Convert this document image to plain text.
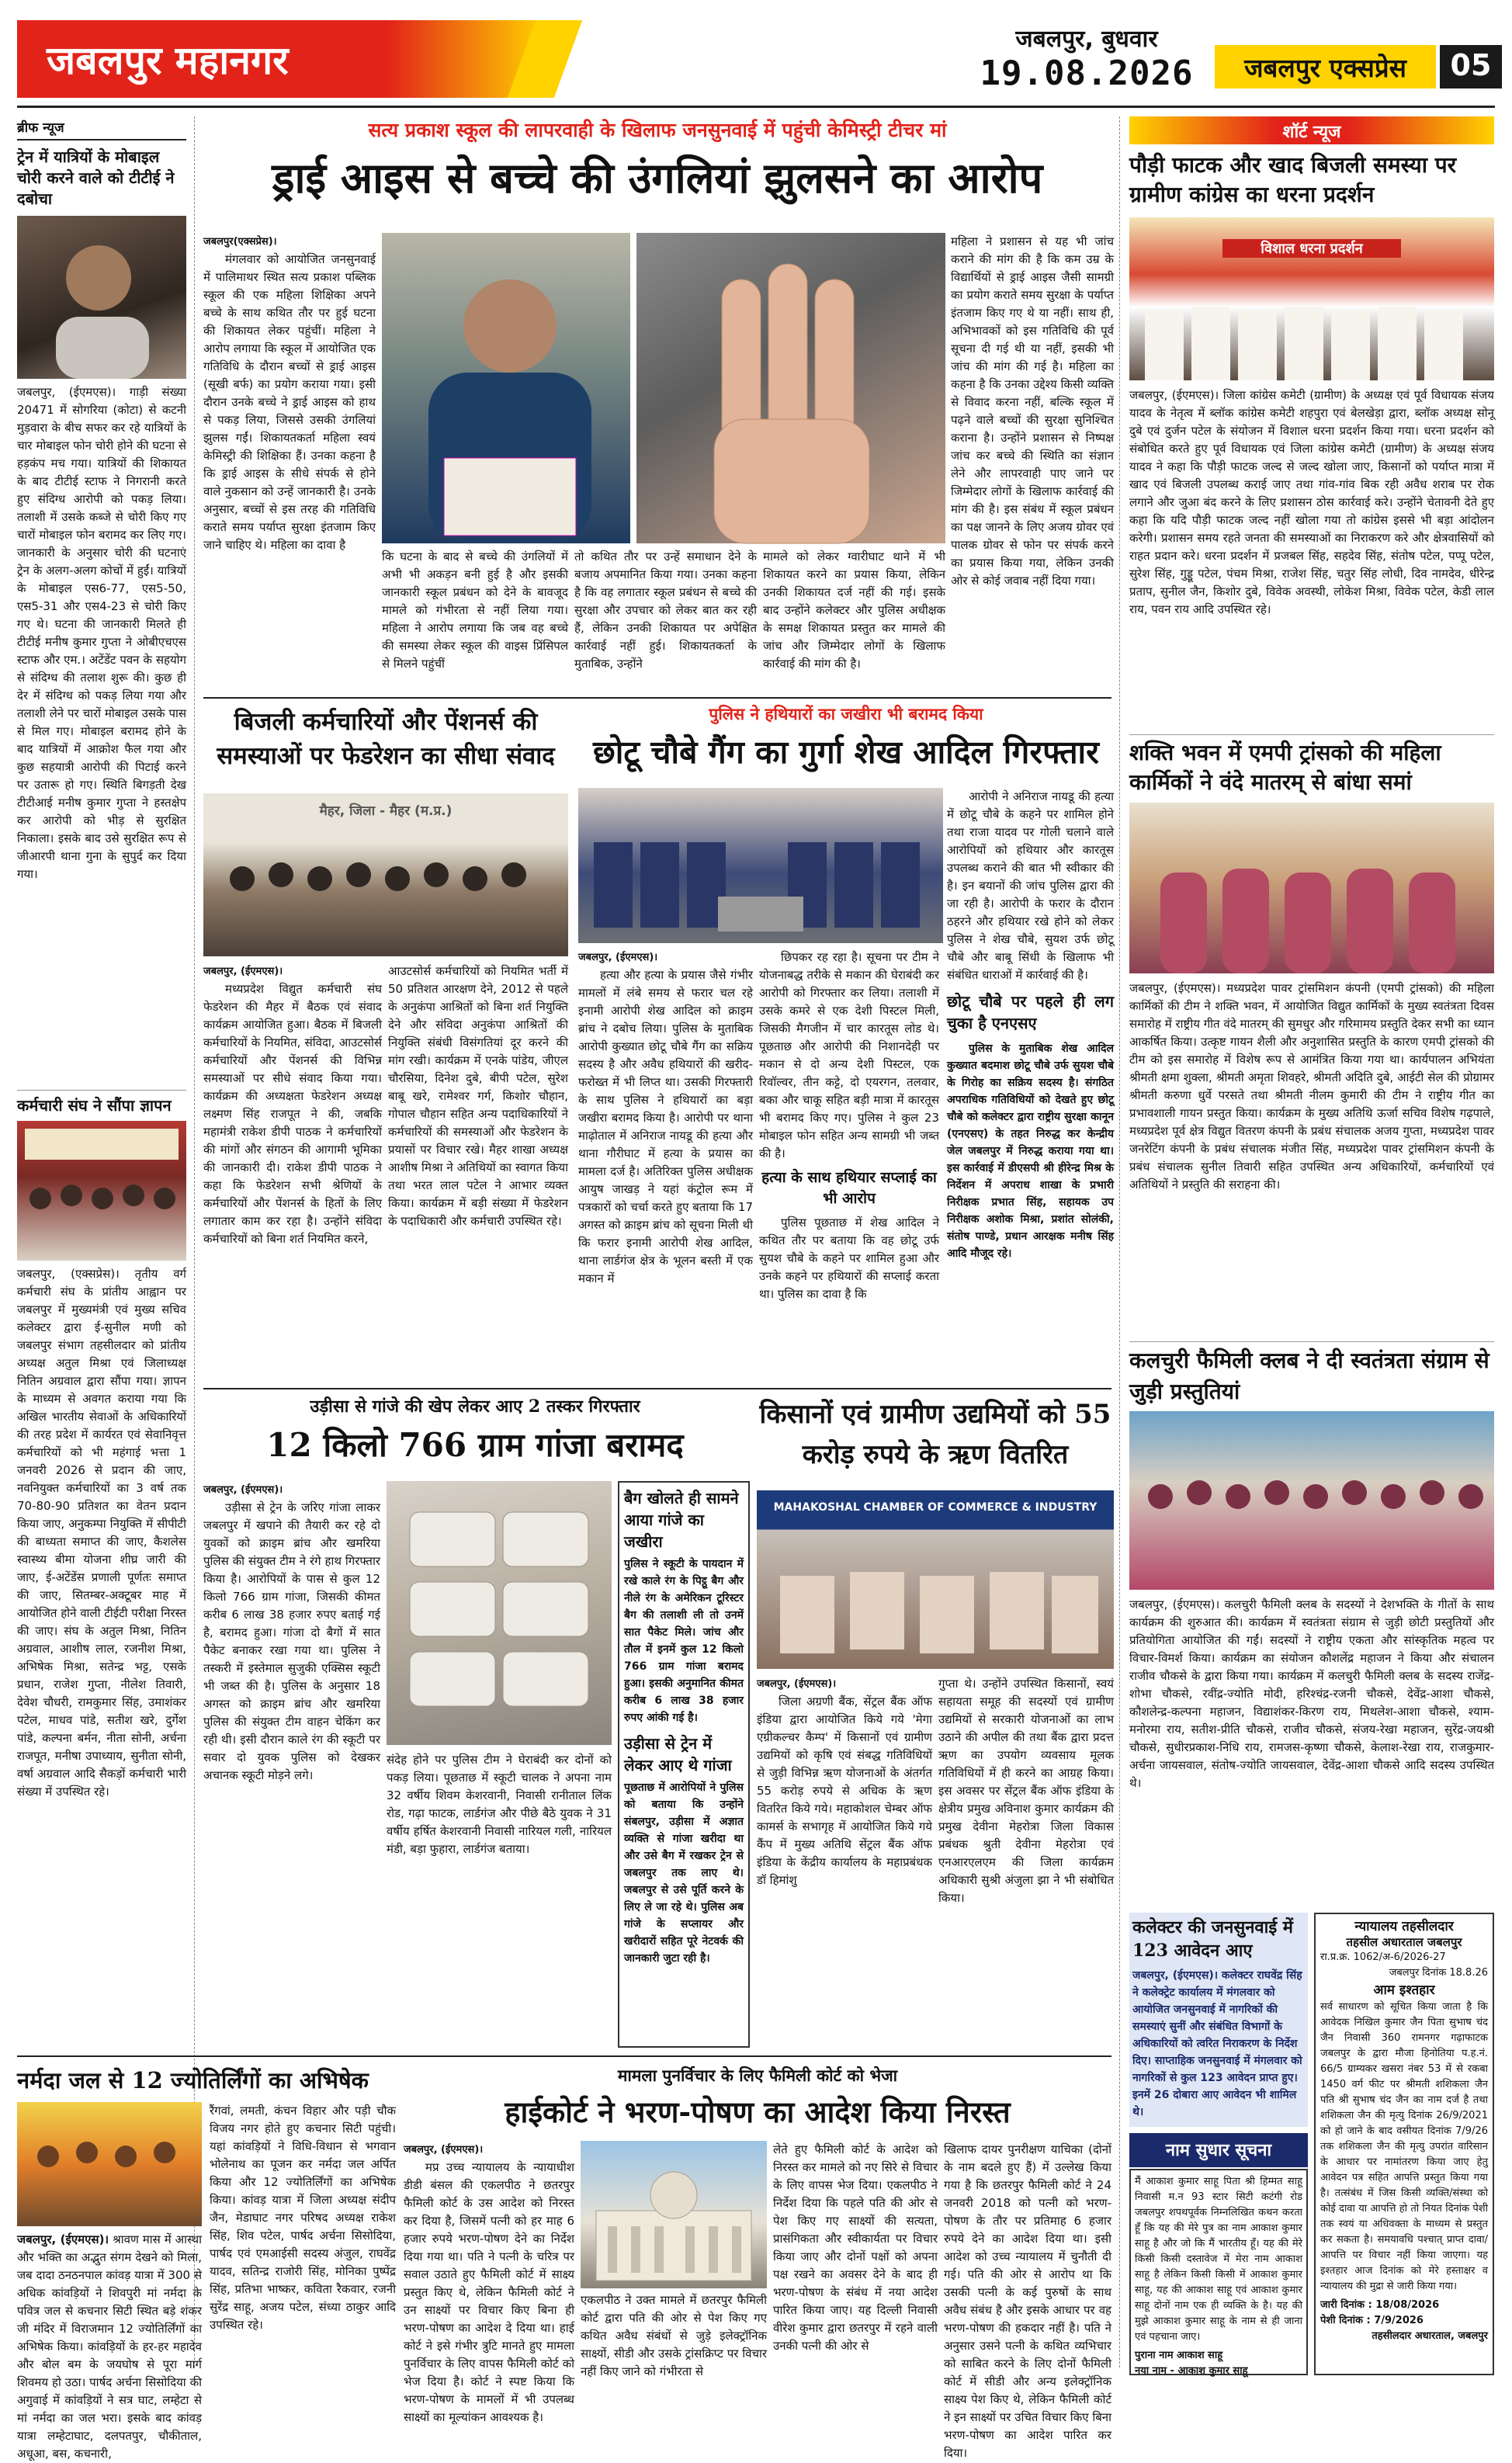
जबलपुर महानगर	जबलपुर, बुधवार
19.08.2026	जबलपुर एक्सप्रेस	05
ब्रीफ न्यूज
ट्रेन में यात्रियों के मोबाइल चोरी करने वाले को टीटीई ने दबोचा
जबलपुर, (ईएमएस)। गाड़ी संख्या 20471 में सोगरिया (कोटा) से कटनी मुड़वारा के बीच सफर कर रहे यात्रियों के चार मोबाइल फोन चोरी होने की घटना से हड़कंप मच गया। यात्रियों की शिकायत के बाद टीटीई स्टाफ ने निगरानी करते हुए संदिग्ध आरोपी को पकड़ लिया। तलाशी में उसके कब्जे से चोरी किए गए चारों मोबाइल फोन बरामद कर लिए गए। जानकारी के अनुसार चोरी की घटनाएं ट्रेन के अलग-अलग कोचों में हुईं। यात्रियों के मोबाइल एस6-77, एस5-50, एस5-31 और एस4-23 से चोरी किए गए थे। घटना की जानकारी मिलते ही टीटीई मनीष कुमार गुप्ता ने ओबीएचएस स्टाफ और एम.। अटेंडेंट पवन के सहयोग से संदिग्ध की तलाश शुरू की। कुछ ही देर में संदिग्ध को पकड़ लिया गया और तलाशी लेने पर चारों मोबाइल उसके पास से मिल गए। मोबाइल बरामद होने के बाद यात्रियों में आक्रोश फैल गया और कुछ सहयात्री आरोपी की पिटाई करने पर उतारू हो गए। स्थिति बिगड़ती देख टीटीआई मनीष कुमार गुप्ता ने हस्तक्षेप कर आरोपी को भीड़ से सुरक्षित निकाला। इसके बाद उसे सुरक्षित रूप से जीआरपी थाना गुना के सुपुर्द कर दिया गया।
कर्मचारी संघ ने सौंपा ज्ञापन
जबलपुर, (एक्सप्रेस)। तृतीय वर्ग कर्मचारी संघ के प्रांतीय आह्वान पर जबलपुर में मुख्यमंत्री एवं मुख्य सचिव कलेक्टर द्वारा ई-सुनील मणी को जबलपुर संभाग तहसीलदार को प्रांतीय अध्यक्ष अतुल मिश्रा एवं जिलाध्यक्ष नितिन अग्रवाल द्वारा सौंपा गया। ज्ञापन के माध्यम से अवगत कराया गया कि अखिल भारतीय सेवाओं के अधिकारियों की तरह प्रदेश में कार्यरत एवं सेवानिवृत्त कर्मचारियों को भी महंगाई भत्ता 1 जनवरी 2026 से प्रदान की जाए, नवनियुक्त कर्मचारियों का 3 वर्ष तक 70-80-90 प्रतिशत का वेतन प्रदान किया जाए, अनुकम्पा नियुक्ति में सीपीटी की बाध्यता समाप्त की जाए, कैशलेस स्वास्थ्य बीमा योजना शीघ्र जारी की जाए, ई-अटेंडेंस प्रणाली पूर्णतः समाप्त की जाए, सितम्बर-अक्टूबर माह में आयोजित होने वाली टीईटी परीक्षा निरस्त की जाए। संघ के अतुल मिश्रा, नितिन अग्रवाल, आशीष लाल, रजनीश मिश्रा, अभिषेक मिश्रा, सतेन्द्र भट्ट, एसके प्रधान, राजेश गुप्ता, नीलेश तिवारी, देवेश चौधरी, रामकुमार सिंह, उमाशंकर पटेल, माधव पांडे, सतीश खरे, दुर्गेश पांडे, कल्पना बर्मन, नीता सोनी, अर्चना राजपूत, मनीषा उपाध्याय, सुनीता सोनी, वर्षा अग्रवाल आदि सैकड़ों कर्मचारी भारी संख्या में उपस्थित रहे।
सत्य प्रकाश स्कूल की लापरवाही के खिलाफ जनसुनवाई में पहुंची केमिस्ट्री टीचर मां
ड्राई आइस से बच्चे की उंगलियां झुलसने का आरोप
जबलपुर(एक्सप्रेस)।

मंगलवार को आयोजित जनसुनवाई में पालिमाथर स्थित सत्य प्रकाश पब्लिक स्कूल की एक महिला शिक्षिका अपने बच्चे के साथ कथित तौर पर हुई घटना की शिकायत लेकर पहुंचीं। महिला ने आरोप लगाया कि स्कूल में आयोजित एक गतिविधि के दौरान बच्चों से ड्राई आइस (सूखी बर्फ) का प्रयोग कराया गया। इसी दौरान उनके बच्चे ने ड्राई आइस को हाथ से पकड़ लिया, जिससे उसकी उंगलियां झुलस गईं। शिकायतकर्ता महिला स्वयं केमिस्ट्री की शिक्षिका हैं। उनका कहना है कि ड्राई आइस के सीधे संपर्क से होने वाले नुकसान को उन्हें जानकारी है। उनके अनुसार, बच्चों से इस तरह की गतिविधि कराते समय पर्याप्त सुरक्षा इंतजाम किए जाने चाहिए थे। महिला का दावा है

महिला ने प्रशासन से यह भी जांच कराने की मांग की है कि कम उम्र के विद्यार्थियों से ड्राई आइस जैसी सामग्री का प्रयोग कराते समय सुरक्षा के पर्याप्त इंतजाम किए गए थे या नहीं। साथ ही, अभिभावकों को इस गतिविधि की पूर्व सूचना दी गई थी या नहीं, इसकी भी जांच की मांग की गई है। महिला का कहना है कि उनका उद्देश्य किसी व्यक्ति से विवाद करना नहीं, बल्कि स्कूल में पढ़ने वाले बच्चों की सुरक्षा सुनिश्चित कराना है। उन्होंने प्रशासन से निष्पक्ष जांच कर बच्चे की स्थिति का संज्ञान लेने और लापरवाही पाए जाने पर जिम्मेदार लोगों के खिलाफ कार्रवाई की मांग की है। इस संबंध में स्कूल प्रबंधन का पक्ष जानने के लिए अजय ग्रोवर एवं पालक ग्रोवर से फोन पर संपर्क करने का प्रयास किया गया, लेकिन उनकी ओर से कोई जवाब नहीं दिया गया।
कि घटना के बाद से बच्चे की उंगलियों में अभी भी अकड़न बनी हुई है और इसकी जानकारी स्कूल प्रबंधन को देने के बावजूद मामले को गंभीरता से नहीं लिया गया। महिला ने आरोप लगाया कि जब वह बच्चे की समस्या लेकर स्कूल की वाइस प्रिंसिपल से मिलने पहुंचीं
तो कथित तौर पर उन्हें समाधान देने के बजाय अपमानित किया गया। उनका कहना है कि वह लगातार स्कूल प्रबंधन से बच्चे की सुरक्षा और उपचार को लेकर बात कर रही हैं, लेकिन उनकी शिकायत पर अपेक्षित कार्रवाई नहीं हुई। शिकायतकर्ता के मुताबिक, उन्होंने
मामले को लेकर ग्वारीघाट थाने में भी शिकायत करने का प्रयास किया, लेकिन उनकी शिकायत दर्ज नहीं की गई। इसके बाद उन्होंने कलेक्टर और पुलिस अधीक्षक के समक्ष शिकायत प्रस्तुत कर मामले की जांच और जिम्मेदार लोगों के खिलाफ कार्रवाई की मांग की है।
बिजली कर्मचारियों और पेंशनर्स की समस्याओं पर फेडरेशन का सीधा संवाद
मैहर, जिला - मैहर (म.प्र.)
जबलपुर, (ईएमएस)।

मध्यप्रदेश विद्युत कर्मचारी संघ फेडरेशन की मैहर में बैठक एवं संवाद कार्यक्रम आयोजित हुआ। बैठक में बिजली कर्मचारियों के नियमित, संविदा, आउटसोर्स कर्मचारियों और पेंशनर्स की विभिन्न समस्याओं पर सीधे संवाद किया गया। कार्यक्रम की अध्यक्षता फेडरेशन अध्यक्ष लक्ष्मण सिंह राजपूत ने की, जबकि महामंत्री राकेश डीपी पाठक ने कर्मचारियों की मांगों और संगठन की आगामी भूमिका की जानकारी दी। राकेश डीपी पाठक ने कहा कि फेडरेशन सभी श्रेणियों के कर्मचारियों और पेंशनर्स के हितों के लिए लगातार काम कर रहा है। उन्होंने संविदा कर्मचारियों को बिना शर्त नियमित करने,

आउटसोर्स कर्मचारियों को नियमित भर्ती में 50 प्रतिशत आरक्षण देने, 2012 से पहले के अनुकंपा आश्रितों को बिना शर्त नियुक्ति देने और संविदा अनुकंपा आश्रितों की नियुक्ति संबंधी विसंगतियां दूर करने की मांग रखी। कार्यक्रम में एनके पांडेय, जीएल चौरसिया, दिनेश दुबे, बीपी पटेल, सुरेश बाबू खरे, रामेश्वर गर्ग, किशोर चौहान, गोपाल चौहान सहित अन्य पदाधिकारियों ने कर्मचारियों की समस्याओं और फेडरेशन के प्रयासों पर विचार रखे। मैहर शाखा अध्यक्ष आशीष मिश्रा ने अतिथियों का स्वागत किया तथा भरत लाल पटेल ने आभार व्यक्त किया। कार्यक्रम में बड़ी संख्या में फेडरेशन के पदाधिकारी और कर्मचारी उपस्थित रहे।
पुलिस ने हथियारों का जखीरा भी बरामद किया
छोटू चौबे गैंग का गुर्गा शेख आदिल गिरफ्तार
जबलपुर, (ईएमएस)।

हत्या और हत्या के प्रयास जैसे गंभीर मामलों में लंबे समय से फरार चल रहे इनामी आरोपी शेख आदिल को क्राइम ब्रांच ने दबोच लिया। पुलिस के मुताबिक आरोपी कुख्यात छोटू चौबे गैंग का सक्रिय सदस्य है और अवैध हथियारों की खरीद-फरोख्त में भी लिप्त था। उसकी गिरफ्तारी के साथ पुलिस ने हथियारों का बड़ा जखीरा बरामद किया है। आरोपी पर थाना माढ़ोताल में अनिराज नायडू की हत्या और थाना गौरीघाट में हत्या के प्रयास का मामला दर्ज है। अतिरिक्त पुलिस अधीक्षक आयुष जाखड़ ने यहां कंट्रोल रूम में पत्रकारों को चर्चा करते हुए बताया कि 17 अगस्त को क्राइम ब्रांच को सूचना मिली थी कि फरार इनामी आरोपी शेख आदिल, थाना लार्डगंज क्षेत्र के भूलन बस्ती में एक मकान में

छिपकर रह रहा है। सूचना पर टीम ने योजनाबद्ध तरीके से मकान की घेराबंदी कर आरोपी को गिरफ्तार कर लिया। तलाशी में उसके कमरे से एक देशी पिस्टल मिली, जिसकी मैगजीन में चार कारतूस लोड थे। पूछताछ और आरोपी की निशानदेही पर मकान से दो अन्य देशी पिस्टल, एक रिवॉल्वर, तीन कट्टे, दो एयरगन, तलवार, बका और चाकू सहित बड़ी मात्रा में कारतूस भी बरामद किए गए। पुलिस ने कुल 23 मोबाइल फोन सहित अन्य सामग्री भी जब्त की है।

हत्या के साथ हथियार सप्लाई का भी आरोप

पुलिस पूछताछ में शेख आदिल ने कथित तौर पर बताया कि वह छोटू उर्फ सुयश चौबे के कहने पर शामिल हुआ और उनके कहने पर हथियारों की सप्लाई करता था। पुलिस का दावा है कि

आरोपी ने अनिराज नायडू की हत्या में छोटू चौबे के कहने पर शामिल होने तथा राजा यादव पर गोली चलाने वाले आरोपियों को हथियार और कारतूस उपलब्ध कराने की बात भी स्वीकार की है। इन बयानों की जांच पुलिस द्वारा की जा रही है। आरोपी के फरार के दौरान ठहरने और हथियार रखे होने को लेकर पुलिस ने शेख चौबे, सुयश उर्फ छोटू चौबे और बाबू सिंधी के खिलाफ भी संबंधित धाराओं में कार्रवाई की है।

छोटू चौबे पर पहले ही लग चुका है एनएसए

पुलिस के मुताबिक शेख आदिल कुख्यात बदमाश छोटू चौबे उर्फ सुयश चौबे के गिरोह का सक्रिय सदस्य है। संगठित अपराधिक गतिविधियों को देखते हुए छोटू चौबे को कलेक्टर द्वारा राष्ट्रीय सुरक्षा कानून (एनएसए) के तहत निरुद्ध कर केन्द्रीय जेल जबलपुर में निरुद्ध कराया गया था। इस कार्रवाई में डीएसपी श्री हीरेन्द्र मिश्र के निर्देशन में अपराध शाखा के प्रभारी निरीक्षक प्रभात सिंह, सहायक उप निरीक्षक अशोक मिश्रा, प्रशांत सोलंकी, संतोष पाण्डे, प्रधान आरक्षक मनीष सिंह आदि मौजूद रहे।

उड़ीसा से गांजे की खेप लेकर आए 2 तस्कर गिरफ्तार
12 किलो 766 ग्राम गांजा बरामद
जबलपुर, (ईएमएस)।

उड़ीसा से ट्रेन के जरिए गांजा लाकर जबलपुर में खपाने की तैयारी कर रहे दो युवकों को क्राइम ब्रांच और खमरिया पुलिस की संयुक्त टीम ने रंगे हाथ गिरफ्तार किया है। आरोपियों के पास से कुल 12 किलो 766 ग्राम गांजा, जिसकी कीमत करीब 6 लाख 38 हजार रुपए बताई गई है, बरामद हुआ। गांजा दो बैगों में सात पैकेट बनाकर रखा गया था। पुलिस ने तस्करी में इस्तेमाल सुजुकी एक्सिस स्कूटी भी जब्त की है। पुलिस के अनुसार 18 अगस्त को क्राइम ब्रांच और खमरिया पुलिस की संयुक्त टीम वाहन चेकिंग कर रही थी। इसी दौरान काले रंग की स्कूटी पर सवार दो युवक पुलिस को देखकर अचानक स्कूटी मोड़ने लगे।

संदेह होने पर पुलिस टीम ने घेराबंदी कर दोनों को पकड़ लिया। पूछताछ में स्कूटी चालक ने अपना नाम 32 वर्षीय शिवम केशरवानी, निवासी रानीताल लिंक रोड, गढ़ा फाटक, लार्डगंज और पीछे बैठे युवक ने 31 वर्षीय हर्षित केशरवानी निवासी नारियल गली, नारियल मंडी, बड़ा फुहारा, लार्डगंज बताया।
बैग खोलते ही सामने आया गांजे का जखीरा
पुलिस ने स्कूटी के पायदान में रखे काले रंग के पिट्ठू बैग और नीले रंग के अमेरिकन टूरिस्टर बैग की तलाशी ली तो उनमें सात पैकेट मिले। जांच और तौल में इनमें कुल 12 किलो 766 ग्राम गांजा बरामद हुआ। इसकी अनुमानित कीमत करीब 6 लाख 38 हजार रुपए आंकी गई है।
उड़ीसा से ट्रेन में लेकर आए थे गांजा
पूछताछ में आरोपियों ने पुलिस को बताया कि उन्होंने संबलपुर, उड़ीसा में अज्ञात व्यक्ति से गांजा खरीदा था और उसे बैग में रखकर ट्रेन से जबलपुर तक लाए थे। जबलपुर से उसे पूर्ति करने के लिए ले जा रहे थे। पुलिस अब गांजे के सप्लायर और खरीदारों सहित पूरे नेटवर्क की जानकारी जुटा रही है।
किसानों एवं ग्रामीण उद्यमियों को 55 करोड़ रुपये के ऋण वितरित
MAHAKOSHAL CHAMBER OF COMMERCE & INDUSTRY
जबलपुर, (ईएमएस)।

जिला अग्रणी बैंक, सेंट्रल बैंक ऑफ इंडिया द्वारा आयोजित किये गये 'मेगा एग्रीकल्चर कैम्प' में किसानों एवं ग्रामीण उद्यमियों को कृषि एवं संबद्ध गतिविधियों से जुड़ी विभिन्न ऋण योजनाओं के अंतर्गत 55 करोड़ रुपये से अधिक के ऋण वितरित किये गये। महाकोशल चेम्बर ऑफ कामर्स के सभागृह में आयोजित किये गये कैंप में मुख्य अतिथि सेंट्रल बैंक ऑफ इंडिया के केंद्रीय कार्यालय के महाप्रबंधक डॉ हिमांशु

गुप्ता थे। उन्होंने उपस्थित किसानों, स्वयं सहायता समूह की सदस्यों एवं ग्रामीण उद्यमियों से सरकारी योजनाओं का लाभ उठाने की अपील की तथा बैंक द्वारा प्रदत्त ऋण का उपयोग व्यवसाय मूलक गतिविधियों में ही करने का आग्रह किया। इस अवसर पर सेंट्रल बैंक ऑफ इंडिया के क्षेत्रीय प्रमुख अविनाश कुमार कार्यक्रम की प्रमुख देवीना मेहरोत्रा जिला विकास प्रबंधक श्रुती देवीना मेहरोत्रा एवं एनआरएलएम की जिला कार्यक्रम अधिकारी सुश्री अंजुला झा ने भी संबोधित किया।
नर्मदा जल से 12 ज्योतिर्लिंगों का अभिषेक
जबलपुर, (ईएमएस)। श्रावण मास में आस्था और भक्ति का अद्भुत संगम देखने को मिला, जब दादा ठनठनपाल कांवड़ यात्रा में 300 से अधिक कांवड़ियों ने शिवपुरी मां नर्मदा के पवित्र जल से कचनार सिटी स्थित बड़े शंकर जी मंदिर में विराजमान 12 ज्योतिर्लिंगों का अभिषेक किया। कांवड़ियों के हर-हर महादेव और बोल बम के जयघोष से पूरा मार्ग शिवमय हो उठा। पार्षद अर्चना सिसोदिया की अगुवाई में कांवड़ियों ने सत्र घाट, लम्हेटा से मां नर्मदा का जल भरा। इसके बाद कांवड़ यात्रा लम्हेटाघाट, दलपतपुर, चौकीताल, अधूआ, बस, कचनारी,
रैंगवां, लमती, कंचन विहार और पड़ी चौक विजय नगर होते हुए कचनार सिटी पहुंची। यहां कांवड़ियों ने विधि-विधान से भगवान भोलेनाथ का पूजन कर नर्मदा जल अर्पित किया और 12 ज्योतिर्लिंगों का अभिषेक किया। कांवड़ यात्रा में जिला अध्यक्ष संदीप जैन, मेडाघाट नगर परिषद अध्यक्ष राकेश सिंह, शिव पटेल, पार्षद अर्चना सिसोदिया, पार्षद एवं एमआईसी सदस्य अंजुल, राघवेंद्र यादव, सतिन्द्र राजोरी सिंह, मोनिका पुष्पेंद्र सिंह, प्रतिभा भाष्कर, कविता रैकवार, रजनी सुरेंद्र साहू, अजय पटेल, संध्या ठाकुर आदि उपस्थित रहे।
मामला पुनर्विचार के लिए फैमिली कोर्ट को भेजा
हाईकोर्ट ने भरण-पोषण का आदेश किया निरस्त
जबलपुर, (ईएमएस)।

मप्र उच्च न्यायालय के न्यायाधीश डीडी बंसल की एकलपीठ ने छतरपुर फैमिली कोर्ट के उस आदेश को निरस्त कर दिया है, जिसमें पत्नी को हर माह 6 हजार रुपये भरण-पोषण देने का निर्देश दिया गया था। पति ने पत्नी के चरित्र पर सवाल उठाते हुए फैमिली कोर्ट में साक्ष्य प्रस्तुत किए थे, लेकिन फैमिली कोर्ट ने उन साक्ष्यों पर विचार किए बिना ही भरण-पोषण का आदेश दे दिया था। हाई कोर्ट ने इसे गंभीर त्रुटि मानते हुए मामला पुनर्विचार के लिए वापस फैमिली कोर्ट को भेज दिया है। कोर्ट ने स्पष्ट किया कि भरण-पोषण के मामलों में भी उपलब्ध साक्ष्यों का मूल्यांकन आवश्यक है।

एकलपीठ ने उक्त मामले में छतरपुर फैमिली कोर्ट द्वारा पति की ओर से पेश किए गए कथित अवैध संबंधों से जुड़े इलेक्ट्रॉनिक साक्ष्यों, सीडी और उसके ट्रांसक्रिप्ट पर विचार नहीं किए जाने को गंभीरता से
लेते हुए फैमिली कोर्ट के आदेश को निरस्त कर मामले को नए सिरे से विचार के लिए वापस भेज दिया। एकलपीठ ने निर्देश दिया कि पहले पति की ओर से पेश किए गए साक्ष्यों की सत्यता, प्रासंगिकता और स्वीकार्यता पर विचार किया जाए और दोनों पक्षों को अपना पक्ष रखने का अवसर देने के बाद ही भरण-पोषण के संबंध में नया आदेश पारित किया जाए। यह दिल्ली निवासी वीरेश कुमार द्वारा छतरपुर में रहने वाली उनकी पत्नी की ओर से
खिलाफ दायर पुनरीक्षण याचिका (दोनों के नाम बदले हुए हैं) में उल्लेख किया गया है कि छतरपुर फैमिली कोर्ट ने 24 जनवरी 2018 को पत्नी को भरण-पोषण के तौर पर प्रतिमाह 6 हजार रुपये देने का आदेश दिया था। इसी आदेश को उच्च न्यायालय में चुनौती दी गई। पति की ओर से आरोप था कि उसकी पत्नी के कई पुरुषों के साथ अवैध संबंध है और इसके आधार पर वह भरण-पोषण की हकदार नहीं है। पति ने अनुसार उसने पत्नी के कथित व्यभिचार को साबित करने के लिए दोनों फैमिली कोर्ट में सीडी और अन्य इलेक्ट्रॉनिक साक्ष्य पेश किए थे, लेकिन फैमिली कोर्ट ने इन साक्ष्यों पर उचित विचार किए बिना भरण-पोषण का आदेश पारित कर दिया।
शॉर्ट न्यूज
पौड़ी फाटक और खाद बिजली समस्या पर ग्रामीण कांग्रेस का धरना प्रदर्शन
विशाल धरना प्रदर्शन
जबलपुर, (ईएमएस)। जिला कांग्रेस कमेटी (ग्रामीण) के अध्यक्ष एवं पूर्व विधायक संजय यादव के नेतृत्व में ब्लॉक कांग्रेस कमेटी शहपुरा एवं बेलखेड़ा द्वारा, ब्लॉक अध्यक्ष सोनू दुबे एवं दुर्जन पटेल के संयोजन में विशाल धरना प्रदर्शन किया गया। धरना प्रदर्शन को संबोधित करते हुए पूर्व विधायक एवं जिला कांग्रेस कमेटी (ग्रामीण) के अध्यक्ष संजय यादव ने कहा कि पौड़ी फाटक जल्द से जल्द खोला जाए, किसानों को पर्याप्त मात्रा में खाद एवं बिजली उपलब्ध कराई जाए तथा गांव-गांव बिक रही अवैध शराब पर रोक लगाने और जुआ बंद करने के लिए प्रशासन ठोस कार्रवाई करे। उन्होंने चेतावनी देते हुए कहा कि यदि पौड़ी फाटक जल्द नहीं खोला गया तो कांग्रेस इससे भी बड़ा आंदोलन करेगी। प्रशासन समय रहते जनता की समस्याओं का निराकरण करे और क्षेत्रवासियों को राहत प्रदान करे। धरना प्रदर्शन में प्रजबल सिंह, सहदेव सिंह, संतोष पटेल, पप्पू पटेल, सुरेश सिंह, गुड्डू पटेल, पंचम मिश्रा, राजेश सिंह, चतुर सिंह लोधी, दिव नामदेव, धीरेन्द्र प्रताप, सुनील जैन, किशोर दुबे, विवेक अवस्थी, लोकेश मिश्रा, विवेक पटेल, केडी लाल राय, पवन राय आदि उपस्थित रहे।
शक्ति भवन में एमपी ट्रांसको की महिला कार्मिकों ने वंदे मातरम् से बांधा समां
जबलपुर, (ईएमएस)। मध्यप्रदेश पावर ट्रांसमिशन कंपनी (एमपी ट्रांसको) की महिला कार्मिकों की टीम ने शक्ति भवन, में आयोजित विद्युत कार्मिकों के मुख्य स्वतंत्रता दिवस समारोह में राष्ट्रीय गीत वंदे मातरम् की सुमधुर और गरिमामय प्रस्तुति देकर सभी का ध्यान आकर्षित किया। उत्कृष्ट गायन शैली और अनुशासित प्रस्तुति के कारण एमपी ट्रांसको की टीम को इस समारोह में विशेष रूप से आमंत्रित किया गया था। कार्यपालन अभियंता श्रीमती क्षमा शुक्ला, श्रीमती अमृता शिवहरे, श्रीमती अदिति दुबे, आईटी सेल की प्रोग्रामर श्रीमती करुणा धुर्वे परसते तथा श्रीमती नीलम कुमारी की टीम ने राष्ट्रीय गीत का प्रभावशाली गायन प्रस्तुत किया। कार्यक्रम के मुख्य अतिथि ऊर्जा सचिव विशेष गढ़पाले, मध्यप्रदेश पूर्व क्षेत्र विद्युत वितरण कंपनी के प्रबंध संचालक अजय गुप्ता, मध्यप्रदेश पावर जनरेटिंग कंपनी के प्रबंध संचालक मंजीत सिंह, मध्यप्रदेश पावर ट्रांसमिशन कंपनी के प्रबंध संचालक सुनील तिवारी सहित उपस्थित अन्य अधिकारियों, कर्मचारियों एवं अतिथियों ने प्रस्तुति की सराहना की।
कलचुरी फैमिली क्लब ने दी स्वतंत्रता संग्राम से जुड़ी प्रस्तुतियां
जबलपुर, (ईएमएस)। कलचुरी फैमिली क्लब के सदस्यों ने देशभक्ति के गीतों के साथ कार्यक्रम की शुरुआत की। कार्यक्रम में स्वतंत्रता संग्राम से जुड़ी छोटी प्रस्तुतियों और प्रतियोगिता आयोजित की गईं। सदस्यों ने राष्ट्रीय एकता और सांस्कृतिक महत्व पर विचार-विमर्श किया। कार्यक्रम का संयोजन कौशलेंद्र महाजन ने किया और संचालन राजीव चौकसे के द्वारा किया गया। कार्यक्रम में कलचुरी फैमिली क्लब के सदस्य राजेंद्र-शोभा चौकसे, रवींद्र-ज्योति मोदी, हरिश्चंद्र-रजनी चौकसे, देवेंद्र-आशा चौकसे, कौशलेन्द्र-कल्पना महाजन, विद्याशंकर-किरण राय, मिथलेश-आशा चौकसे, श्याम-मनोरमा राय, सतीश-प्रीति चौकसे, राजीव चौकसे, संजय-रेखा महाजन, सुरेंद्र-जयश्री चौकसे, सुधीरप्रकाश-निधि राय, रामजस-कृष्णा चौकसे, केलाश-रेखा राय, राजकुमार-अर्चना जायसवाल, संतोष-ज्योति जायसवाल, देवेंद्र-आशा चौकसे आदि सदस्य उपस्थित थे।
कलेक्टर की जनसुनवाई में 123 आवेदन आए
जबलपुर, (ईएमएस)। कलेक्टर राघवेंद्र सिंह ने कलेक्ट्रेट कार्यालय में मंगलवार को आयोजित जनसुनवाई में नागरिकों की समस्याएं सुनीं और संबंधित विभागों के अधिकारियों को त्वरित निराकरण के निर्देश दिए। साप्ताहिक जनसुनवाई में मंगलवार को नागरिकों से कुल 123 आवेदन प्राप्त हुए। इनमें 26 दोबारा आए आवेदन भी शामिल थे।
नाम सुधार सूचना
मैं आकाश कुमार साहू पिता श्री हिम्मत साहू निवासी म.न 93 स्टार सिटी कटंगी रोड जबलपुर शपथपूर्वक निम्नलिखित कथन करता हूँ कि यह की मेरे पुत्र का नाम आकाश कुमार साहू है और जो कि मैं भारतीय हूँ। यह की मेरे किसी किसी दस्तावेज में मेरा नाम आकाश साहू है लेकिन किसी किसी में आकाश कुमार साहू, यह की आकाश साहू एवं आकाश कुमार साहू दोनों नाम एक ही व्यक्ति के है। यह की मुझे आकाश कुमार साहू के नाम से ही जाना एवं पहचाना जाए।
पुराना नाम आकाश साहू
नया नाम - आकाश कुमार साहू
न्यायालय तहसीलदार
तहसील अधारताल जबलपुर
रा.प्र.क्र. 1062/अ-6/2026-27
जबलपुर दिनांक 18.8.26
आम इश्तहार
सर्व साधारण को सूचित किया जाता है कि आवेदक निखिल कुमार जैन पिता सुभाष चंद जैन निवासी 360 रामनगर गढ़ाफाटक जबलपुर के द्वारा मौजा हिनोतिया प.ह.नं. 66/5 ग्राम्यकर खसरा नंबर 53 में से रकबा 1450 वर्ग फीट पर श्रीमती शशिकला जैन पति श्री सुभाष चंद जैन का नाम दर्ज है तथा शशिकला जैन की मृत्यु दिनांक 26/9/2021 को हो जाने के बाद वसीयत दिनांक 7/9/26 तक शशिकला जैन की मृत्यु उपरांत वारिसान के आधार पर नामांतरण किया जाए हेतु आवेदन पत्र सहित आपत्ति प्रस्तुत किया गया है। तत्संबंध में जिस किसी व्यक्ति/संस्था को कोई दावा या आपत्ति हो तो नियत दिनांक पेशी तक स्वयं या अधिवक्ता के माध्यम से प्रस्तुत कर सकता है। समयावधि पश्चात् प्राप्त दावा/आपत्ति पर विचार नहीं किया जाएगा। यह इश्तहार आज दिनांक को मेरे हस्ताक्षर व न्यायालय की मुद्रा से जारी किया गया।
जारी दिनांक : 18/08/2026
पेशी दिनांक : 7/9/2026
तहसीलदार अधारताल, जबलपुर
